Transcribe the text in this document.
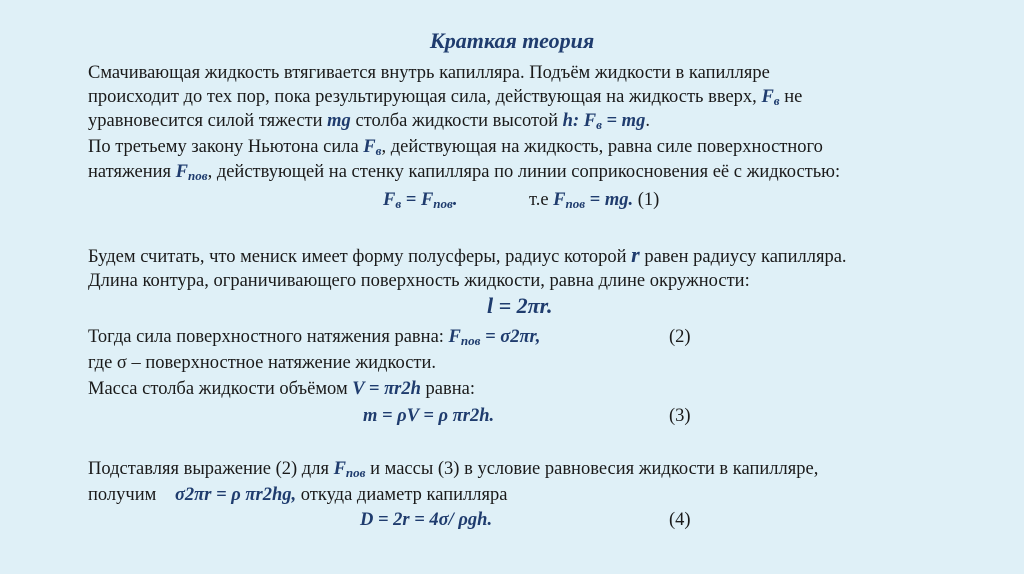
Краткая теория
Смачивающая жидкость втягивается внутрь капилляра. Подъём жидкости в капилляре
происходит до тех пор, пока результирующая сила, действующая на жидкость вверх, $F_в$ не
уравновесится силой тяжести mg столба жидкости высотой h: $F_в$ = mg.
По третьему закону Ньютона сила $F_в$, действующая на жидкость, равна силе поверхностного
натяжения $F_{пов}$, действующей на стенку капилляра по линии соприкосновения её с жидкостью:
$F_в = F_{пов}$.	т.е $F_{пов}$ = mg. (1)
Будем считать, что мениск имеет форму полусферы, радиус которой r равен радиусу капилляра.
Длина контура, ограничивающего поверхность жидкости, равна длине окружности:
l = 2πr.
Тогда сила поверхностного натяжения равна: $F_{пов} = \sigma 2\pi r$,	(2)
где σ – поверхностное натяжение жидкости.
Масса столба жидкости объёмом V = πr2h равна:
m = ρV = ρ πr2h.	(3)
Подставляя выражение (2) для $F_{пов}$ и массы (3) в условие равновесия жидкости в капилляре,
получим σ2πr = ρ πr2hg, откуда диаметр капилляра
D = 2r = 4σ/ ρgh.	(4)
